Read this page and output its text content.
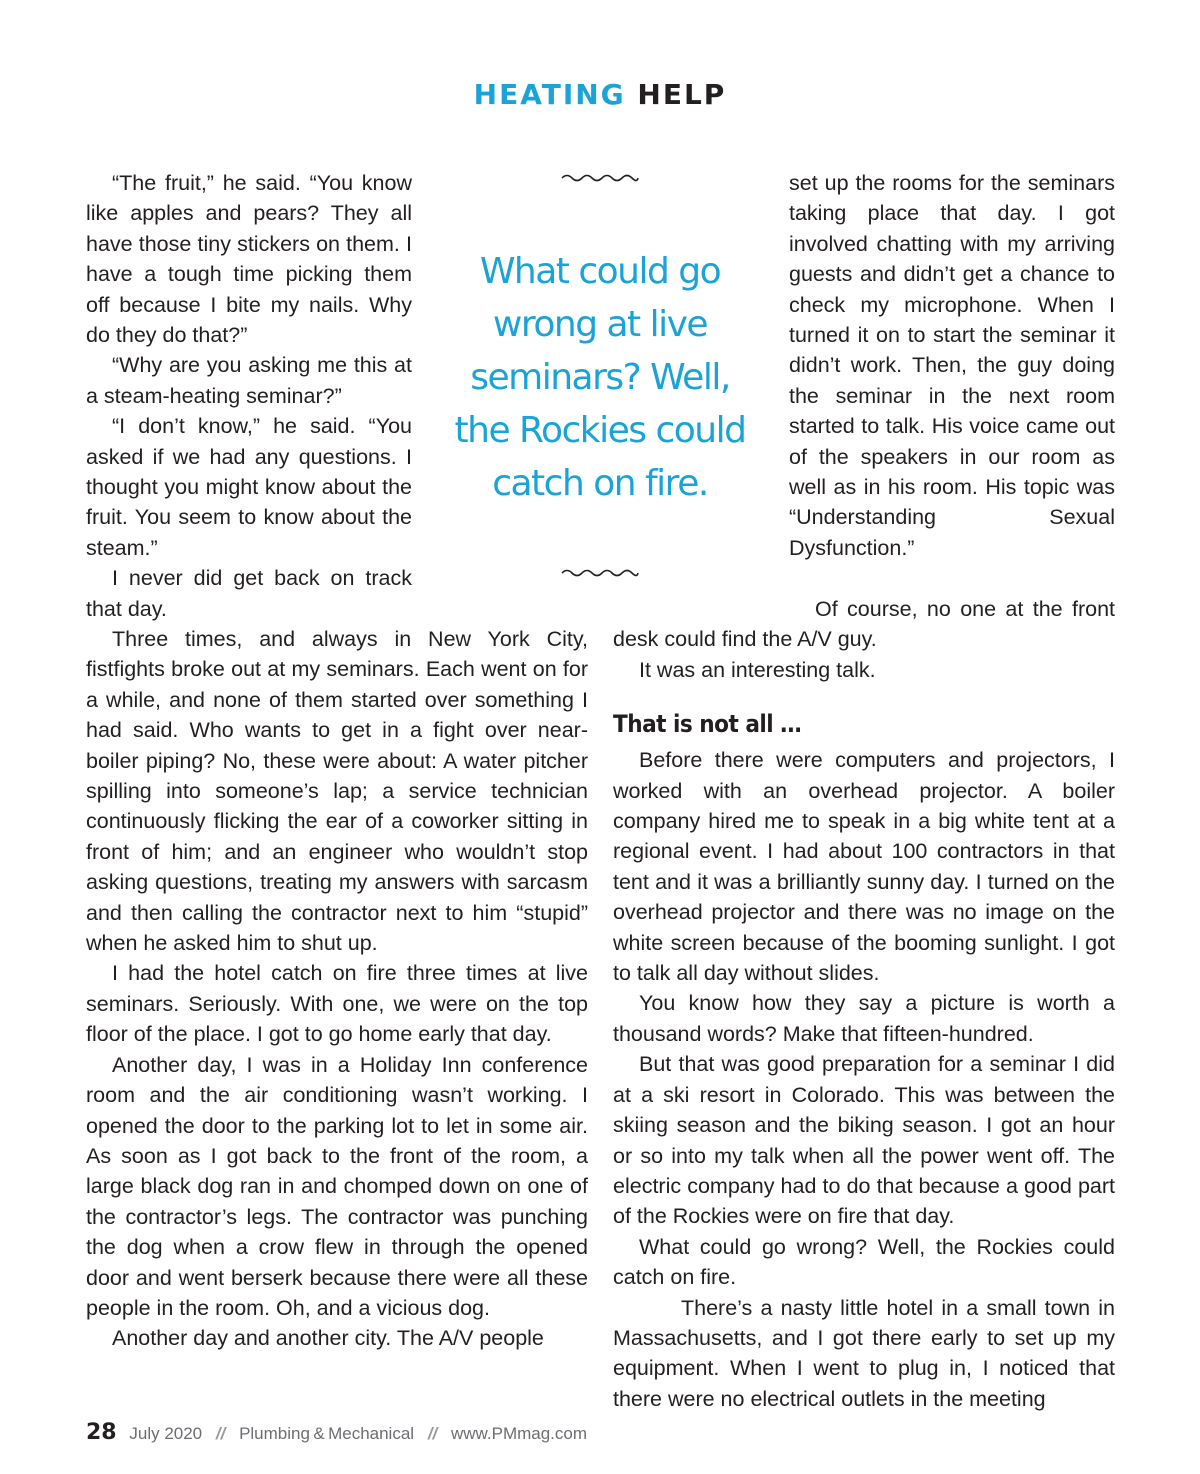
HEATING HELP

“The fruit,” he said. “You know like apples and pears? They all have those tiny stickers on them. I have a tough time picking them off because I bite my nails. Why do they do that?”

“Why are you asking me this at a steam-heating seminar?”

“I don’t know,” he said. “You asked if we had any questions. I thought you might know about the fruit. You seem to know about the steam.”

I never did get back on track that day.

What could go wrong at live seminars? Well, the Rockies could catch on fire.

set up the rooms for the seminars taking place that day. I got involved chatting with my arriving guests and didn’t get a chance to check my microphone. When I turned it on to start the seminar it didn’t work. Then, the guy doing the seminar in the next room started to talk. His voice came out of the speakers in our room as well as in his room. His topic was “Understanding Sexual Dysfunction.”

Three times, and always in New York City, fistfights broke out at my seminars. Each went on for a while, and none of them started over something I had said. Who wants to get in a fight over near-boiler piping? No, these were about: A water pitcher spilling into someone’s lap; a service technician continuously flicking the ear of a coworker sitting in front of him; and an engineer who wouldn’t stop asking questions, treating my answers with sarcasm and then calling the contractor next to him “stupid” when he asked him to shut up.

I had the hotel catch on fire three times at live seminars. Seriously. With one, we were on the top floor of the place. I got to go home early that day.

Another day, I was in a Holiday Inn conference room and the air conditioning wasn’t working. I opened the door to the parking lot to let in some air. As soon as I got back to the front of the room, a large black dog ran in and chomped down on one of the contractor’s legs. The contractor was punching the dog when a crow flew in through the opened door and went berserk because there were all these people in the room. Oh, and a vicious dog.

Another day and another city. The A/V people

Of course, no one at the front desk could find the A/V guy.

It was an interesting talk.

That is not all …

Before there were computers and projectors, I worked with an overhead projector. A boiler company hired me to speak in a big white tent at a regional event. I had about 100 contractors in that tent and it was a brilliantly sunny day. I turned on the overhead projector and there was no image on the white screen because of the booming sunlight. I got to talk all day without slides.

You know how they say a picture is worth a thousand words? Make that fifteen-hundred.

But that was good preparation for a seminar I did at a ski resort in Colorado. This was between the skiing season and the biking season. I got an hour or so into my talk when all the power went off. The electric company had to do that because a good part of the Rockies were on fire that day.

What could go wrong? Well, the Rockies could catch on fire.

There’s a nasty little hotel in a small town in Massachusetts, and I got there early to set up my equipment. When I went to plug in, I noticed that there were no electrical outlets in the meeting

28 July 2020 // Plumbing & Mechanical // www.PMmag.com
